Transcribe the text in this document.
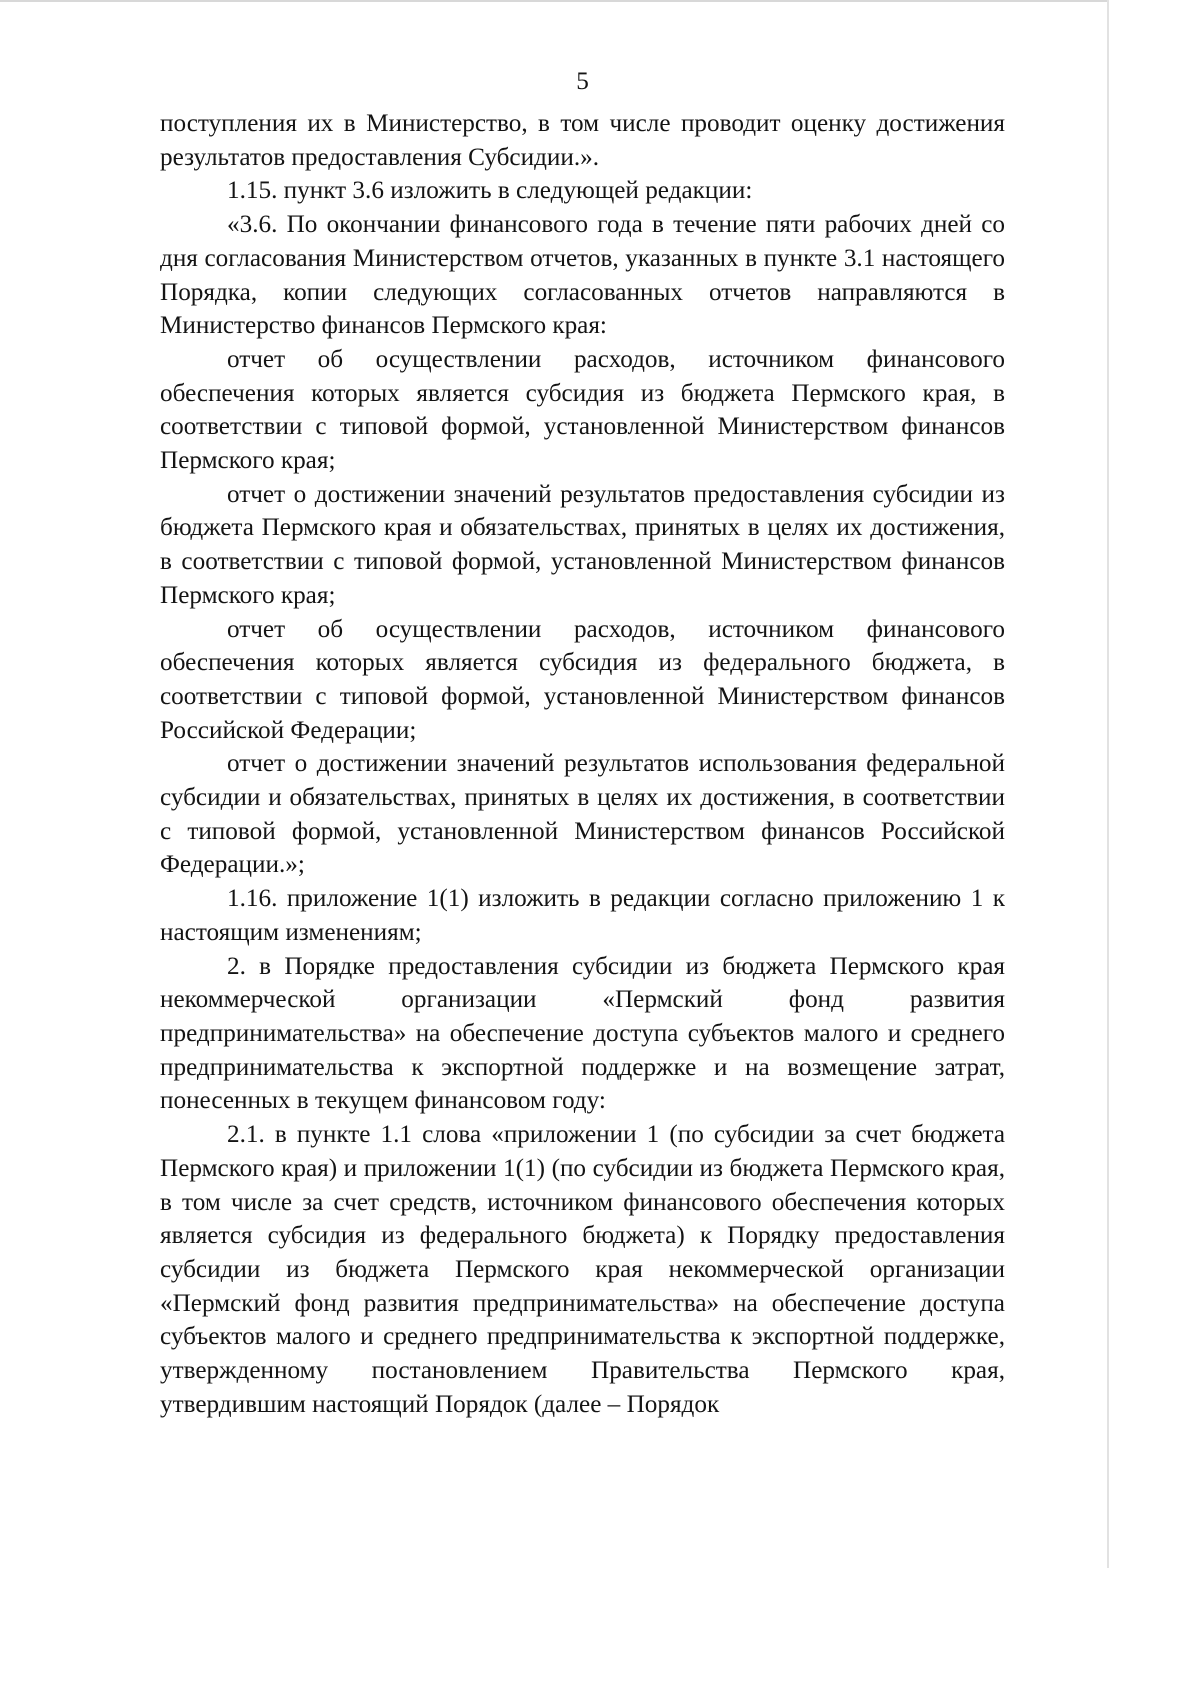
5

поступления их в Министерство, в том числе проводит оценку достижения результатов предоставления Субсидии.».

1.15. пункт 3.6 изложить в следующей редакции:

«3.6. По окончании финансового года в течение пяти рабочих дней со дня согласования Министерством отчетов, указанных в пункте 3.1 настоящего Порядка, копии следующих согласованных отчетов направляются в Министерство финансов Пермского края:

отчет об осуществлении расходов, источником финансового обеспечения которых является субсидия из бюджета Пермского края, в соответствии с типовой формой, установленной Министерством финансов Пермского края;

отчет о достижении значений результатов предоставления субсидии из бюджета Пермского края и обязательствах, принятых в целях их достижения, в соответствии с типовой формой, установленной Министерством финансов Пермского края;

отчет об осуществлении расходов, источником финансового обеспечения которых является субсидия из федерального бюджета, в соответствии с типовой формой, установленной Министерством финансов Российской Федерации;

отчет о достижении значений результатов использования федеральной субсидии и обязательствах, принятых в целях их достижения, в соответствии с типовой формой, установленной Министерством финансов Российской Федерации.»;

1.16. приложение 1(1) изложить в редакции согласно приложению 1 к настоящим изменениям;

2. в Порядке предоставления субсидии из бюджета Пермского края некоммерческой организации «Пермский фонд развития предпринимательства» на обеспечение доступа субъектов малого и среднего предпринимательства к экспортной поддержке и на возмещение затрат, понесенных в текущем финансовом году:

2.1. в пункте 1.1 слова «приложении 1 (по субсидии за счет бюджета Пермского края) и приложении 1(1) (по субсидии из бюджета Пермского края, в том числе за счет средств, источником финансового обеспечения которых является субсидия из федерального бюджета) к Порядку предоставления субсидии из бюджета Пермского края некоммерческой организации «Пермский фонд развития предпринимательства» на обеспечение доступа субъектов малого и среднего предпринимательства к экспортной поддержке, утвержденному постановлением Правительства Пермского края, утвердившим настоящий Порядок (далее – Порядок
